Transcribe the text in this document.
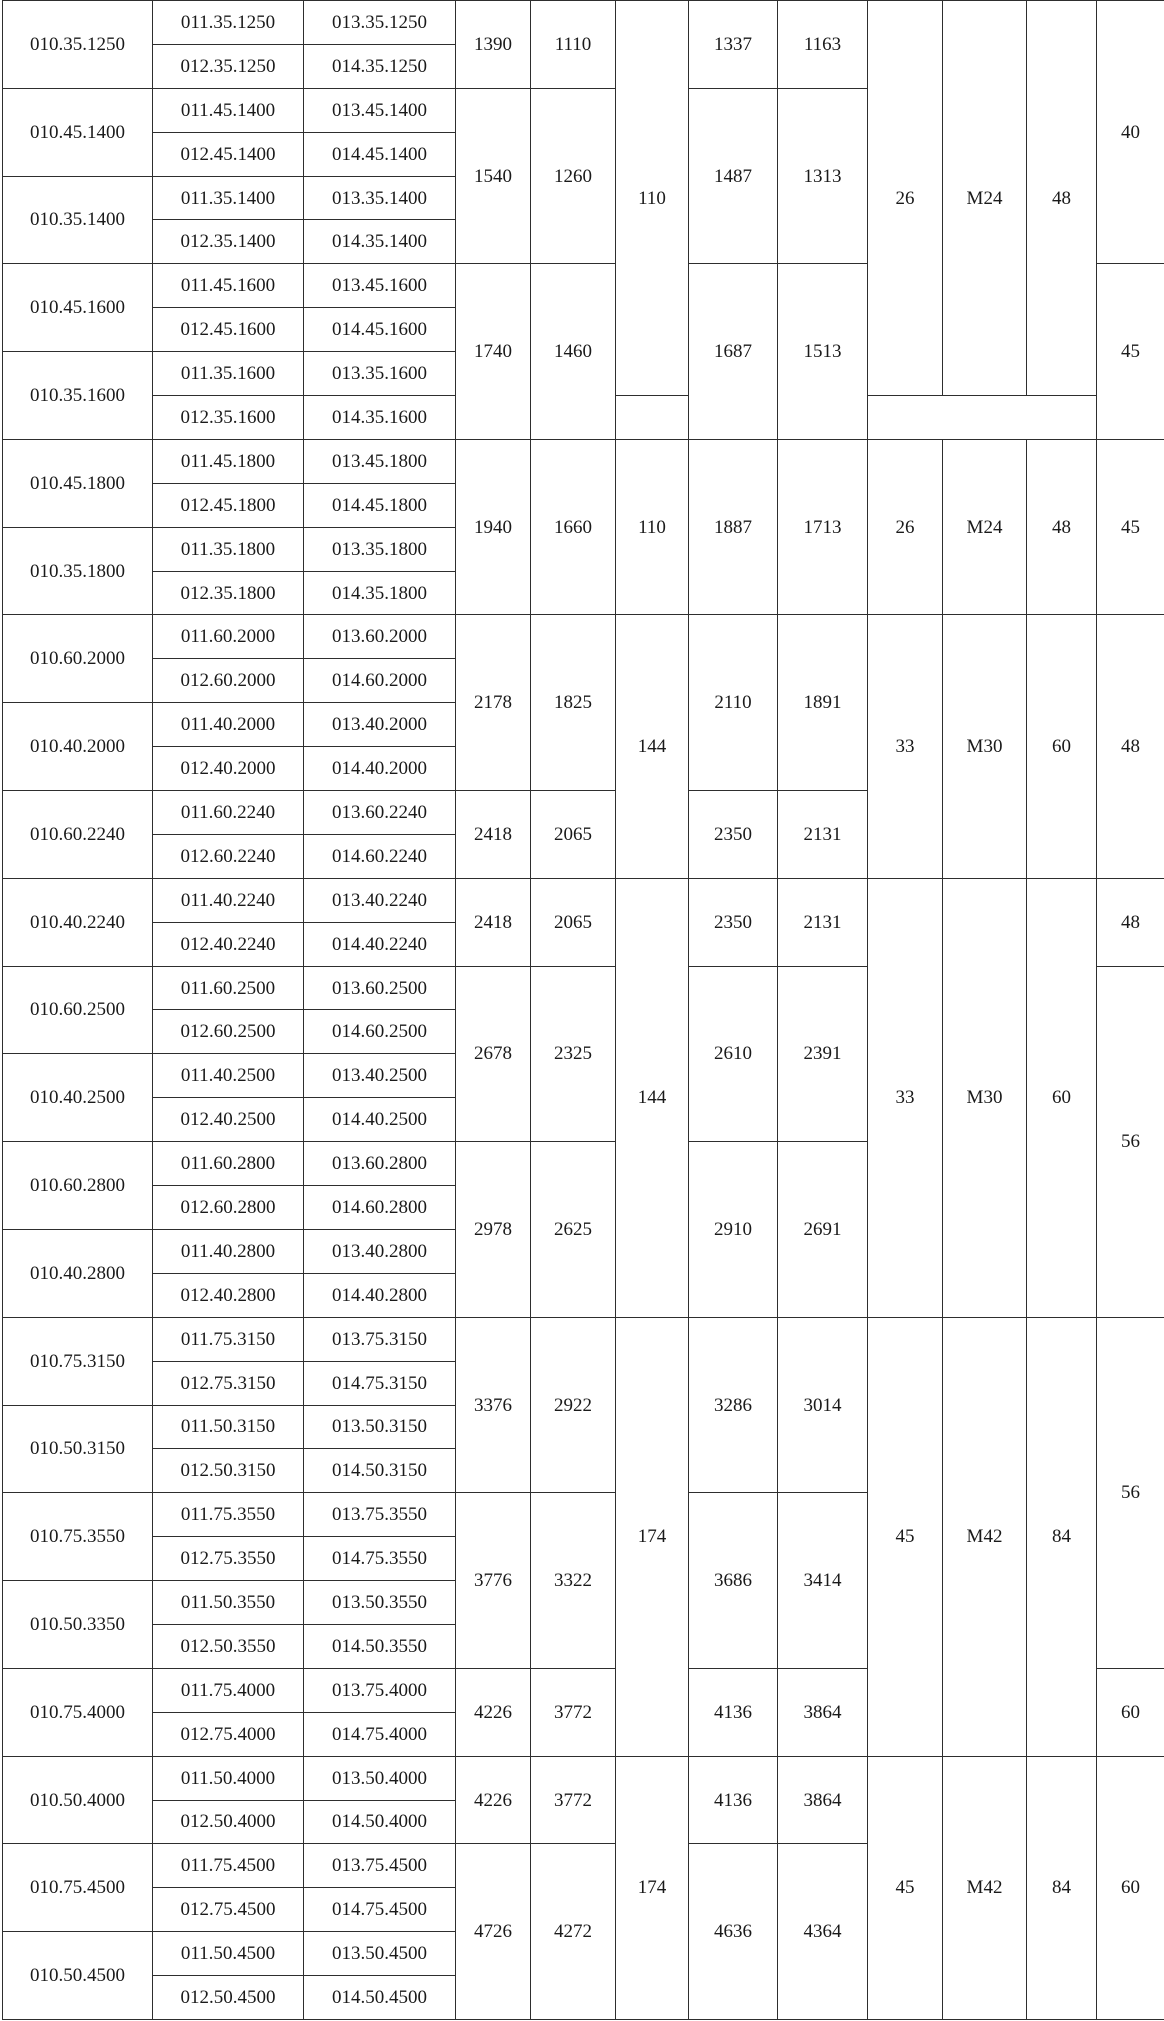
010.35.1250	011.35.1250	013.35.1250	1390	1110	110	1337	1163	26	M24	48	40
	012.35.1250	014.35.1250									
010.45.1400	011.45.1400	013.45.1400	1540	1260		1487	1313				
	012.45.1400	014.45.1400									
010.35.1400	011.35.1400	013.35.1400									
	012.35.1400	014.35.1400									
010.45.1600	011.45.1600	013.45.1600	1740	1460		1687	1513				45
	012.45.1600	014.45.1600									
010.35.1600	011.35.1600	013.35.1600									
	012.35.1600	014.35.1600									
010.45.1800	011.45.1800	013.45.1800	1940	1660	110	1887	1713	26	M24	48	45
	012.45.1800	014.45.1800									
010.35.1800	011.35.1800	013.35.1800									
	012.35.1800	014.35.1800									
010.60.2000	011.60.2000	013.60.2000	2178	1825	144	2110	1891	33	M30	60	48
	012.60.2000	014.60.2000									
010.40.2000	011.40.2000	013.40.2000									
	012.40.2000	014.40.2000									
010.60.2240	011.60.2240	013.60.2240	2418	2065		2350	2131				
	012.60.2240	014.60.2240									
010.40.2240	011.40.2240	013.40.2240	2418	2065	144	2350	2131	33	M30	60	48
	012.40.2240	014.40.2240									
010.60.2500	011.60.2500	013.60.2500	2678	2325		2610	2391				56
	012.60.2500	014.60.2500									
010.40.2500	011.40.2500	013.40.2500									
	012.40.2500	014.40.2500									
010.60.2800	011.60.2800	013.60.2800	2978	2625		2910	2691				
	012.60.2800	014.60.2800									
010.40.2800	011.40.2800	013.40.2800									
	012.40.2800	014.40.2800									
010.75.3150	011.75.3150	013.75.3150	3376	2922	174	3286	3014	45	M42	84	56
	012.75.3150	014.75.3150									
010.50.3150	011.50.3150	013.50.3150									
	012.50.3150	014.50.3150									
010.75.3550	011.75.3550	013.75.3550	3776	3322		3686	3414				
	012.75.3550	014.75.3550									
010.50.3350	011.50.3550	013.50.3550									
	012.50.3550	014.50.3550									
010.75.4000	011.75.4000	013.75.4000	4226	3772		4136	3864				60
	012.75.4000	014.75.4000									
010.50.4000	011.50.4000	013.50.4000	4226	3772	174	4136	3864	45	M42	84	60
	012.50.4000	014.50.4000									
010.75.4500	011.75.4500	013.75.4500	4726	4272		4636	4364				
	012.75.4500	014.75.4500									
010.50.4500	011.50.4500	013.50.4500									
	012.50.4500	014.50.4500									
